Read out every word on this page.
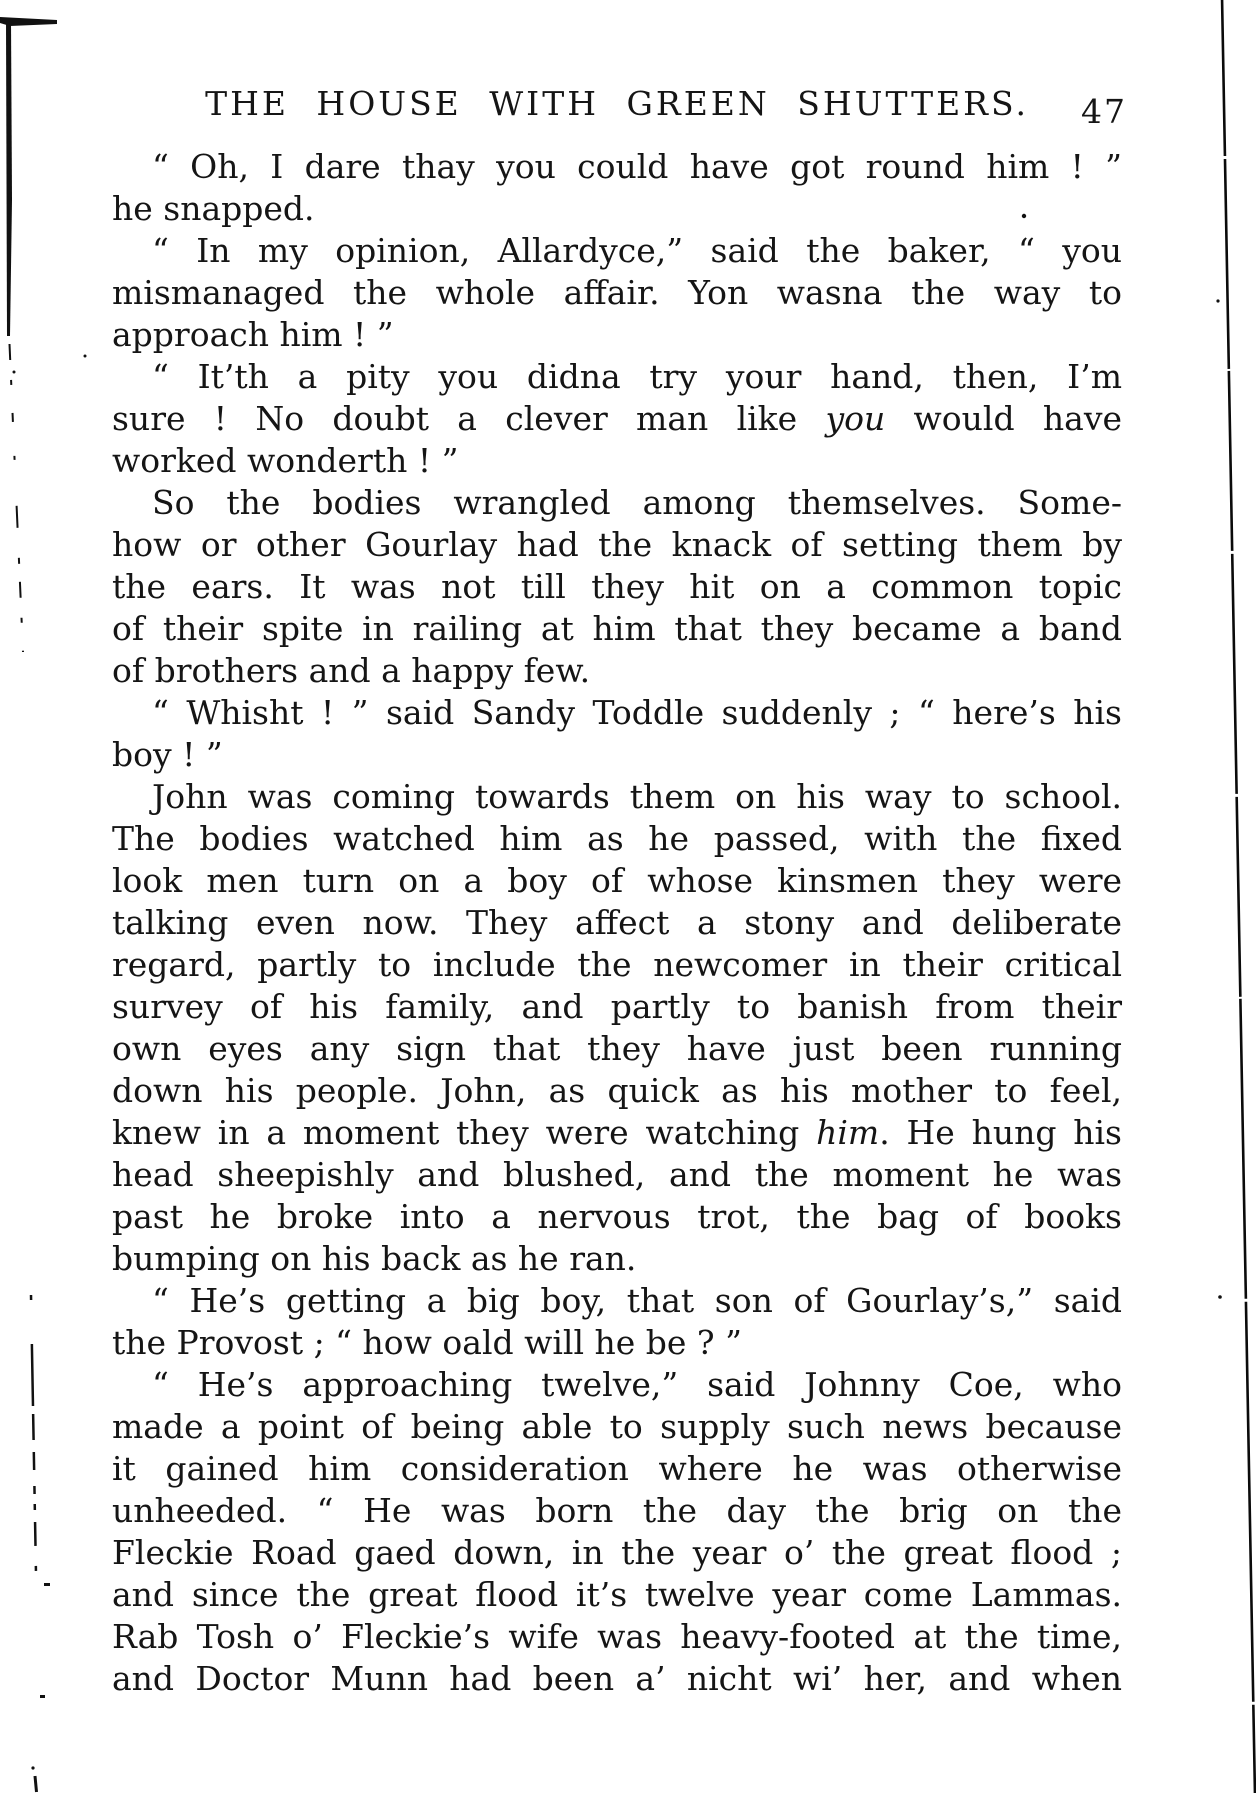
THE HOUSE WITH GREEN SHUTTERS.	47

“ Oh, I dare thay you could have got round him ! ”
he snapped.

“ In my opinion, Allardyce,” said the baker, “ you
mismanaged the whole affair. Yon wasna the way to
approach him ! ”

“ It’th a pity you didna try your hand, then, I’m
sure ! No doubt a clever man like you would have
worked wonderth ! ”

So the bodies wrangled among themselves. Some-
how or other Gourlay had the knack of setting them by
the ears. It was not till they hit on a common topic
of their spite in railing at him that they became a band
of brothers and a happy few.

“ Whisht ! ” said Sandy Toddle suddenly ; “ here’s his
boy ! ”

John was coming towards them on his way to school.
The bodies watched him as he passed, with the fixed
look men turn on a boy of whose kinsmen they were
talking even now. They affect a stony and deliberate
regard, partly to include the newcomer in their critical
survey of his family, and partly to banish from their
own eyes any sign that they have just been running
down his people. John, as quick as his mother to feel,
knew in a moment they were watching him. He hung his
head sheepishly and blushed, and the moment he was
past he broke into a nervous trot, the bag of books
bumping on his back as he ran.

“ He’s getting a big boy, that son of Gourlay’s,” said
the Provost ; “ how oald will he be ? ”

“ He’s approaching twelve,” said Johnny Coe, who
made a point of being able to supply such news because
it gained him consideration where he was otherwise
unheeded. “ He was born the day the brig on the
Fleckie Road gaed down, in the year o’ the great flood ;
and since the great flood it’s twelve year come Lammas.
Rab Tosh o’ Fleckie’s wife was heavy-footed at the time,
and Doctor Munn had been a’ nicht wi’ her, and when
